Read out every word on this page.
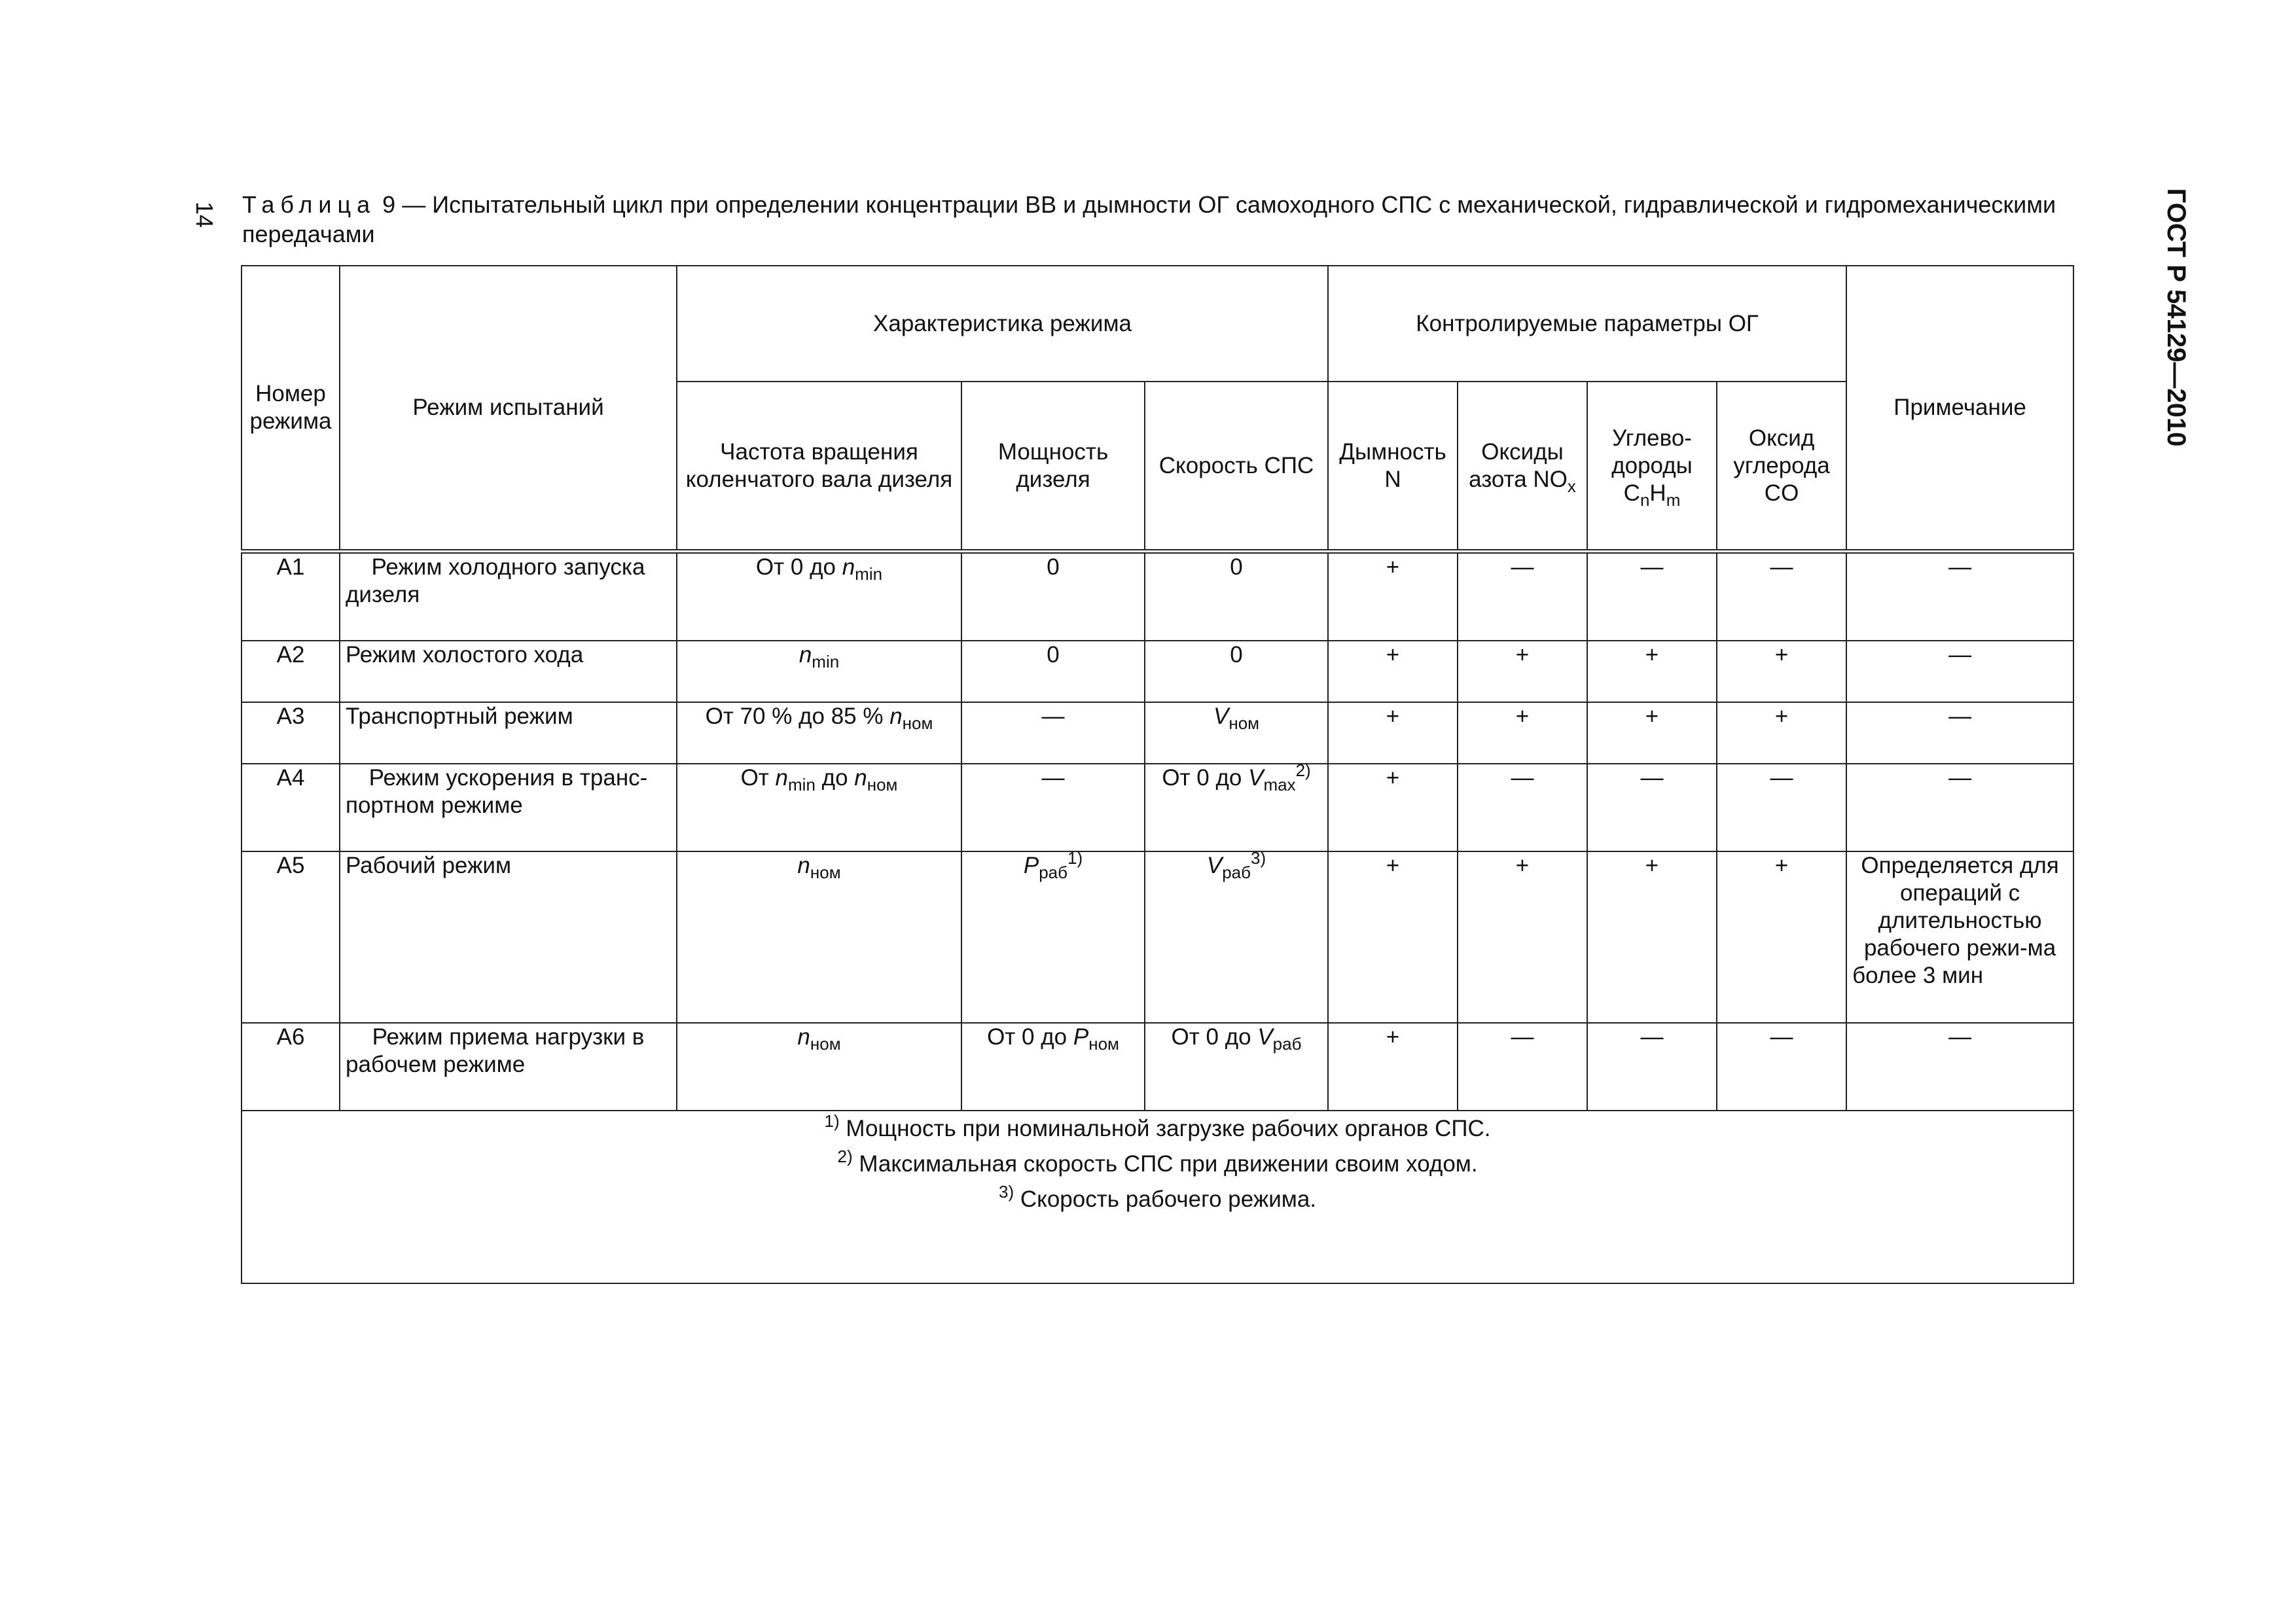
14	ГОСТ Р 54129—2010
Таблица 9 — Испытательный цикл при определении концентрации ВВ и дымности ОГ самоходного СПС с механической, гидравлической и гидромеханическими передачами
Номер режима	Режим испытаний	Характеристика режима			Контролируемые параметры ОГ				Примечание
		Частота вращения коленчатого вала дизеля	Мощность дизеля	Скорость СПС	Дымность N	Оксиды азота $NO_x$	Углево-дороды $C_nH_m$	Оксид углерода CO	
А1	Режим холодного запуска дизеля	От 0 до $n_{min}$	0	0	+	—	—	—	—
А2	Режим холостого хода	$n_{min}$	0	0	+	+	+	+	—
А3	Транспортный режим	От 70 % до 85 % $n_{ном}$	—	$V_{ном}$	+	+	+	+	—
А4	Режим ускорения в транс-портном режиме	От $n_{min}$ до $n_{ном}$	—	От 0 до $V_{max}^{2)}$	+	—	—	—	—
А5	Рабочий режим	$n_{ном}$	$P_{раб}^{1)}$	$V_{раб}^{3)}$	+	+	+	+	Определяется для операций с длительностью рабочего режи-ма более 3 мин
А6	Режим приема нагрузки в рабочем режиме	$n_{ном}$	От 0 до $P_{ном}$	От 0 до $V_{раб}$	+	—	—	—	—

$^{1)}$ Мощность при номинальной загрузке рабочих органов СПС.
$^{2)}$ Максимальная скорость СПС при движении своим ходом.
$^{3)}$ Скорость рабочего режима.									
